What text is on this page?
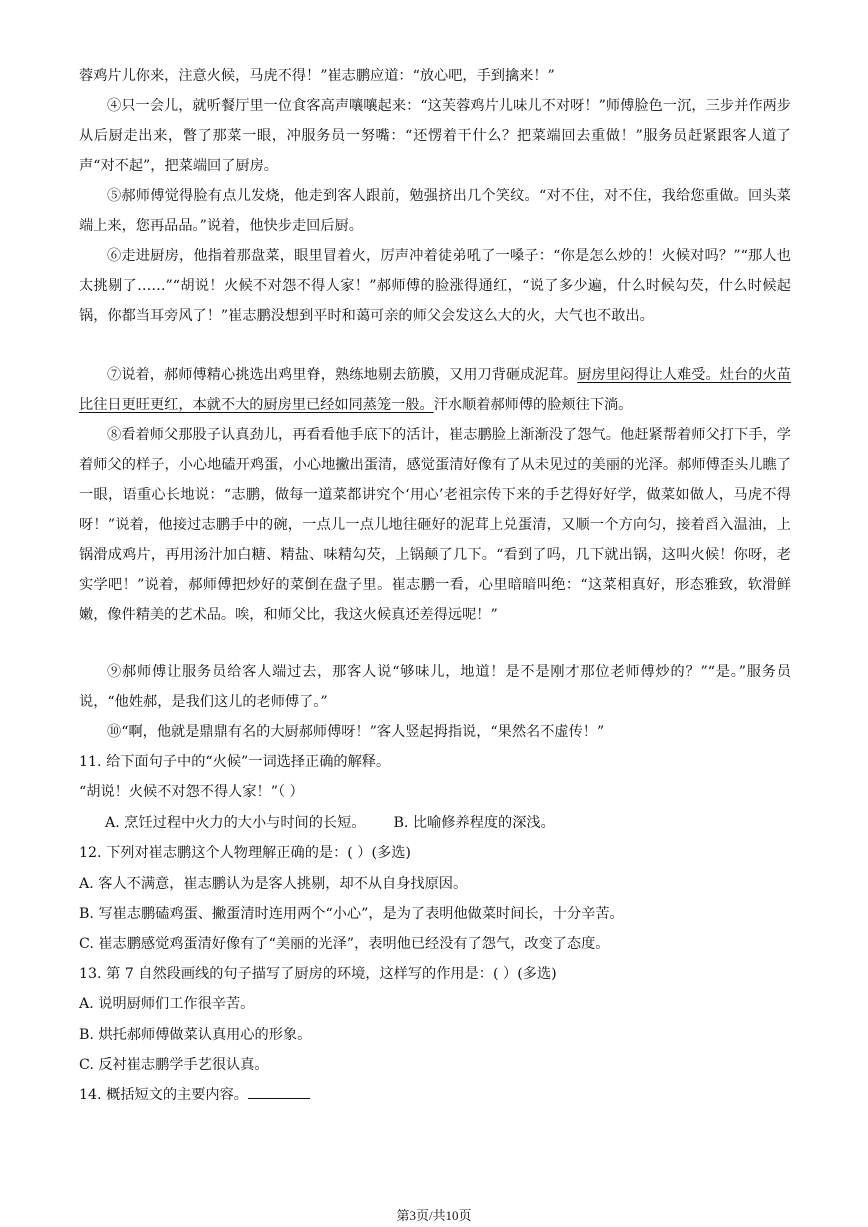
蓉鸡片儿你来，注意火候，马虎不得！”崔志鹏应道：“放心吧，手到擒来！”

④只一会儿，就听餐厅里一位食客高声嚷嚷起来：“这芙蓉鸡片儿味儿不对呀！”师傅脸色一沉，三步并作两步从后厨走出来，瞥了那菜一眼，冲服务员一努嘴：“还愣着干什么？把菜端回去重做！”服务员赶紧跟客人道了声“对不起”，把菜端回了厨房。

⑤郝师傅觉得脸有点儿发烧，他走到客人跟前，勉强挤出几个笑纹。“对不住，对不住，我给您重做。回头菜端上来，您再品品。”说着，他快步走回后厨。

⑥走进厨房，他指着那盘菜，眼里冒着火，厉声冲着徒弟吼了一嗓子：“你是怎么炒的！火候对吗？”“那人也太挑剔了……”“胡说！火候不对怨不得人家！”郝师傅的脸涨得通红，“说了多少遍，什么时候勾芡，什么时候起锅，你都当耳旁风了！”崔志鹏没想到平时和蔼可亲的师父会发这么大的火，大气也不敢出。

⑦说着，郝师傅精心挑选出鸡里脊，熟练地剔去筋膜，又用刀背砸成泥茸。厨房里闷得让人难受。灶台的火苗比往日更旺更红，本就不大的厨房里已经如同蒸笼一般。汗水顺着郝师傅的脸颊往下淌。

⑧看着师父那股子认真劲儿，再看看他手底下的活计，崔志鹏脸上渐渐没了怨气。他赶紧帮着师父打下手，学着师父的样子，小心地磕开鸡蛋，小心地撇出蛋清，感觉蛋清好像有了从未见过的美丽的光泽。郝师傅歪头儿瞧了一眼，语重心长地说：“志鹏，做每一道菜都讲究个‘用心’老祖宗传下来的手艺得好好学，做菜如做人，马虎不得呀！”说着，他接过志鹏手中的碗，一点儿一点儿地往砸好的泥茸上兑蛋清，又顺一个方向匀，接着舀入温油，上锅滑成鸡片，再用汤汁加白糖、精盐、味精勾芡，上锅颠了几下。“看到了吗，几下就出锅，这叫火候！你呀，老实学吧！”说着，郝师傅把炒好的菜倒在盘子里。崔志鹏一看，心里暗暗叫绝：“这菜相真好，形态雅致，软滑鲜嫩，像件精美的艺术品。唉，和师父比，我这火候真还差得远呢！”

⑨郝师傅让服务员给客人端过去，那客人说“够味儿，地道！是不是刚才那位老师傅炒的？”“是。”服务员说，“他姓郝，是我们这儿的老师傅了。”

⑩“啊，他就是鼎鼎有名的大厨郝师傅呀！”客人竖起拇指说，“果然名不虚传！”

11. 给下面句子中的“火候”一词选择正确的解释。

“胡说！火候不对怨不得人家！”（ ）

A. 烹饪过程中火力的大小与时间的长短。 B. 比喻修养程度的深浅。

12. 下列对崔志鹏这个人物理解正确的是：( ）(多选)

A. 客人不满意，崔志鹏认为是客人挑剔，却不从自身找原因。

B. 写崔志鹏磕鸡蛋、撇蛋清时连用两个“小心”，是为了表明他做菜时间长，十分辛苦。

C. 崔志鹏感觉鸡蛋清好像有了“美丽的光泽”，表明他已经没有了怨气，改变了态度。

13. 第 7 自然段画线的句子描写了厨房的环境，这样写的作用是：( ）(多选)

A. 说明厨师们工作很辛苦。

B. 烘托郝师傅做菜认真用心的形象。

C. 反衬崔志鹏学手艺很认真。

14. 概括短文的主要内容。

第3页/共10页
